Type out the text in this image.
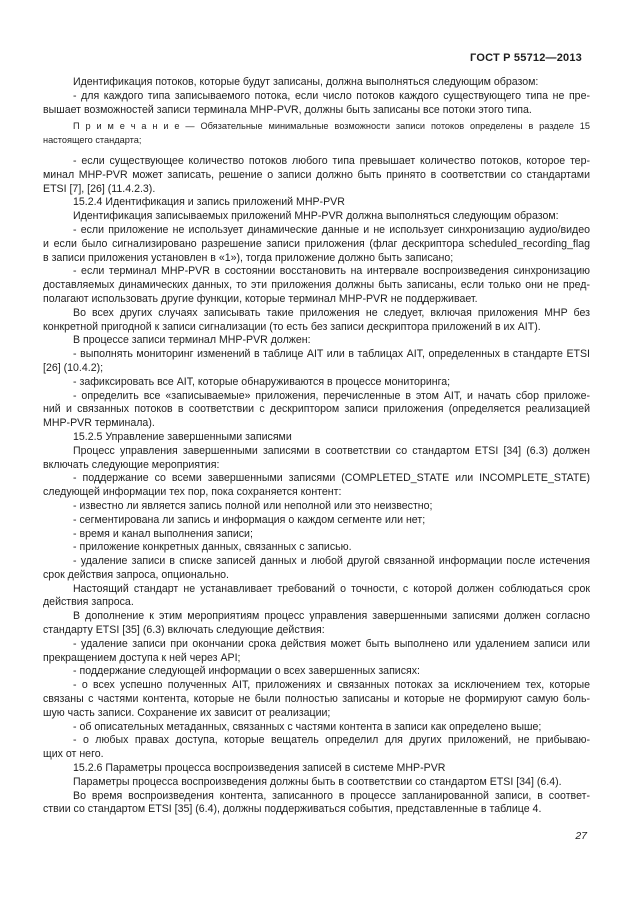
ГОСТ Р 55712—2013
Идентификация потоков, которые будут записаны, должна выполняться следующим образом:
- для каждого типа записываемого потока, если число потоков каждого существующего типа не пре-
вышает возможностей записи терминала MHP-PVR, должны быть записаны все потоки этого типа.
П р и м е ч а н и е — Обязательные минимальные возможности записи потоков определены в разделе 15
настоящего стандарта;
- если существующее количество потоков любого типа превышает количество потоков, которое тер-
минал MHP-PVR может записать, решение о записи должно быть принято в соответствии со стандартами
ETSI [7], [26] (11.4.2.3).
15.2.4 Идентификация и запись приложений MHP-PVR
Идентификация записываемых приложений MHP-PVR должна выполняться следующим образом:
- если приложение не использует динамические данные и не использует синхронизацию аудио/видео
и если было сигнализировано разрешение записи приложения (флаг дескриптора scheduled_recording_flag
в записи приложения установлен в «1»), тогда приложение должно быть записано;
- если терминал MHP-PVR в состоянии восстановить на интервале воспроизведения синхронизацию
доставляемых динамических данных, то эти приложения должны быть записаны, если только они не пред-
полагают использовать другие функции, которые терминал MHP-PVR не поддерживает.
Во всех других случаях записывать такие приложения не следует, включая приложения MHP без
конкретной пригодной к записи сигнализации (то есть без записи дескриптора приложений в их AIT).
В процессе записи терминал MHP-PVR должен:
- выполнять мониторинг изменений в таблице AIT или в таблицах AIT, определенных в стандарте ETSI
[26] (10.4.2);
- зафиксировать все AIT, которые обнаруживаются в процессе мониторинга;
- определить все «записываемые» приложения, перечисленные в этом AIT, и начать сбор приложе-
ний и связанных потоков в соответствии с дескриптором записи приложения (определяется реализацией
MHP-PVR терминала).
15.2.5 Управление завершенными записями
Процесс управления завершенными записями в соответствии со стандартом ETSI [34] (6.3) должен
включать следующие мероприятия:
- поддержание со всеми завершенными записями (COMPLETED_STATE или INCOMPLETE_STATE)
следующей информации тех пор, пока сохраняется контент:
- известно ли является запись полной или неполной или это неизвестно;
- сегментирована ли запись и информация о каждом сегменте или нет;
- время и канал выполнения записи;
- приложение конкретных данных, связанных с записью.
- удаление записи в списке записей данных и любой другой связанной информации после истечения
срок действия запроса, опционально.
Настоящий стандарт не устанавливает требований о точности, с которой должен соблюдаться срок
действия запроса.
В дополнение к этим мероприятиям процесс управления завершенными записями должен согласно
стандарту ETSI [35] (6.3) включать следующие действия:
- удаление записи при окончании срока действия может быть выполнено или удалением записи или
прекращением доступа к ней через API;
- поддержание следующей информации о всех завершенных записях:
- о всех успешно полученных AIT, приложениях и связанных потоках за исключением тех, которые
связаны с частями контента, которые не были полностью записаны и которые не формируют самую боль-
шую часть записи. Сохранение их зависит от реализации;
- об описательных метаданных, связанных с частями контента в записи как определено выше;
- о любых правах доступа, которые вещатель определил для других приложений, не прибываю-
щих от него.
15.2.6 Параметры процесса воспроизведения записей в системе MHP-PVR
Параметры процесса воспроизведения должны быть в соответствии со стандартом ETSI [34] (6.4).
Во время воспроизведения контента, записанного в процессе запланированной записи, в соответ-
ствии со стандартом ETSI [35] (6.4), должны поддерживаться события, представленные в таблице 4.
27
